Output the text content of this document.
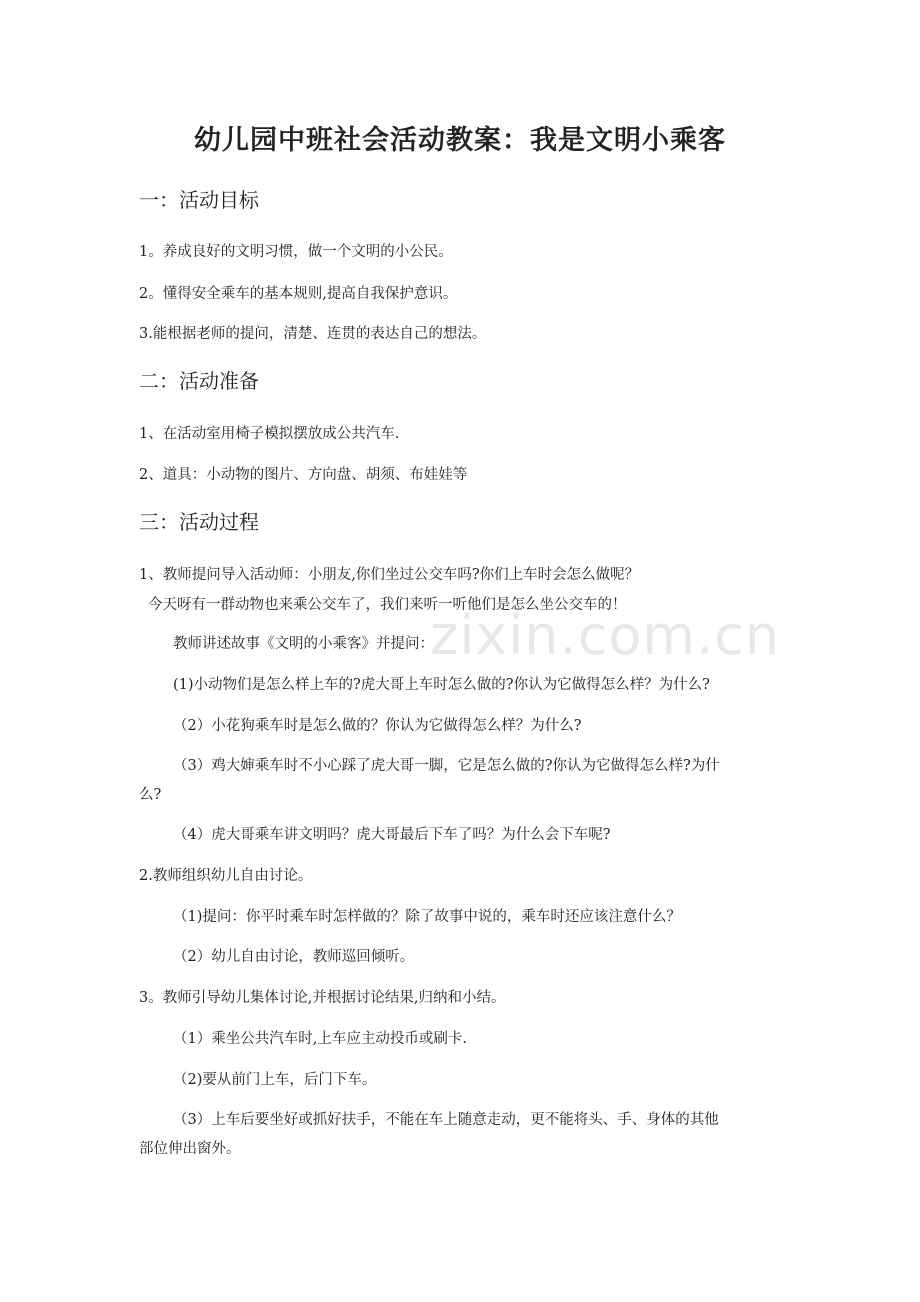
幼儿园中班社会活动教案：我是文明小乘客
一：活动目标
1。养成良好的文明习惯，做一个文明的小公民。
2。懂得安全乘车的基本规则,提高自我保护意识。
3.能根据老师的提问，清楚、连贯的表达自己的想法。
二：活动准备
1、在活动室用椅子模拟摆放成公共汽车.
2、道具：小动物的图片、方向盘、胡须、布娃娃等
三：活动过程
1、教师提问导入活动师：小朋友,你们坐过公交车吗?你们上车时会怎么做呢？
今天呀有一群动物也来乘公交车了，我们来听一听他们是怎么坐公交车的！
教师讲述故事《文明的小乘客》并提问：
(1)小动物们是怎么样上车的?虎大哥上车时怎么做的?你认为它做得怎么样？为什么?
（2）小花狗乘车时是怎么做的？你认为它做得怎么样？为什么?
（3）鸡大婶乘车时不小心踩了虎大哥一脚，它是怎么做的?你认为它做得怎么样?为什
么?
（4）虎大哥乘车讲文明吗？虎大哥最后下车了吗？为什么会下车呢?
2.教师组织幼儿自由讨论。
（1)提问：你平时乘车时怎样做的？除了故事中说的，乘车时还应该注意什么？
（2）幼儿自由讨论，教师巡回倾听。
3。教师引导幼儿集体讨论,并根据讨论结果,归纳和小结。
（1）乘坐公共汽车时,上车应主动投币或刷卡.
（2)要从前门上车，后门下车。
（3）上车后要坐好或抓好扶手，不能在车上随意走动，更不能将头、手、身体的其他
部位伸出窗外。
zixin.com.cn
